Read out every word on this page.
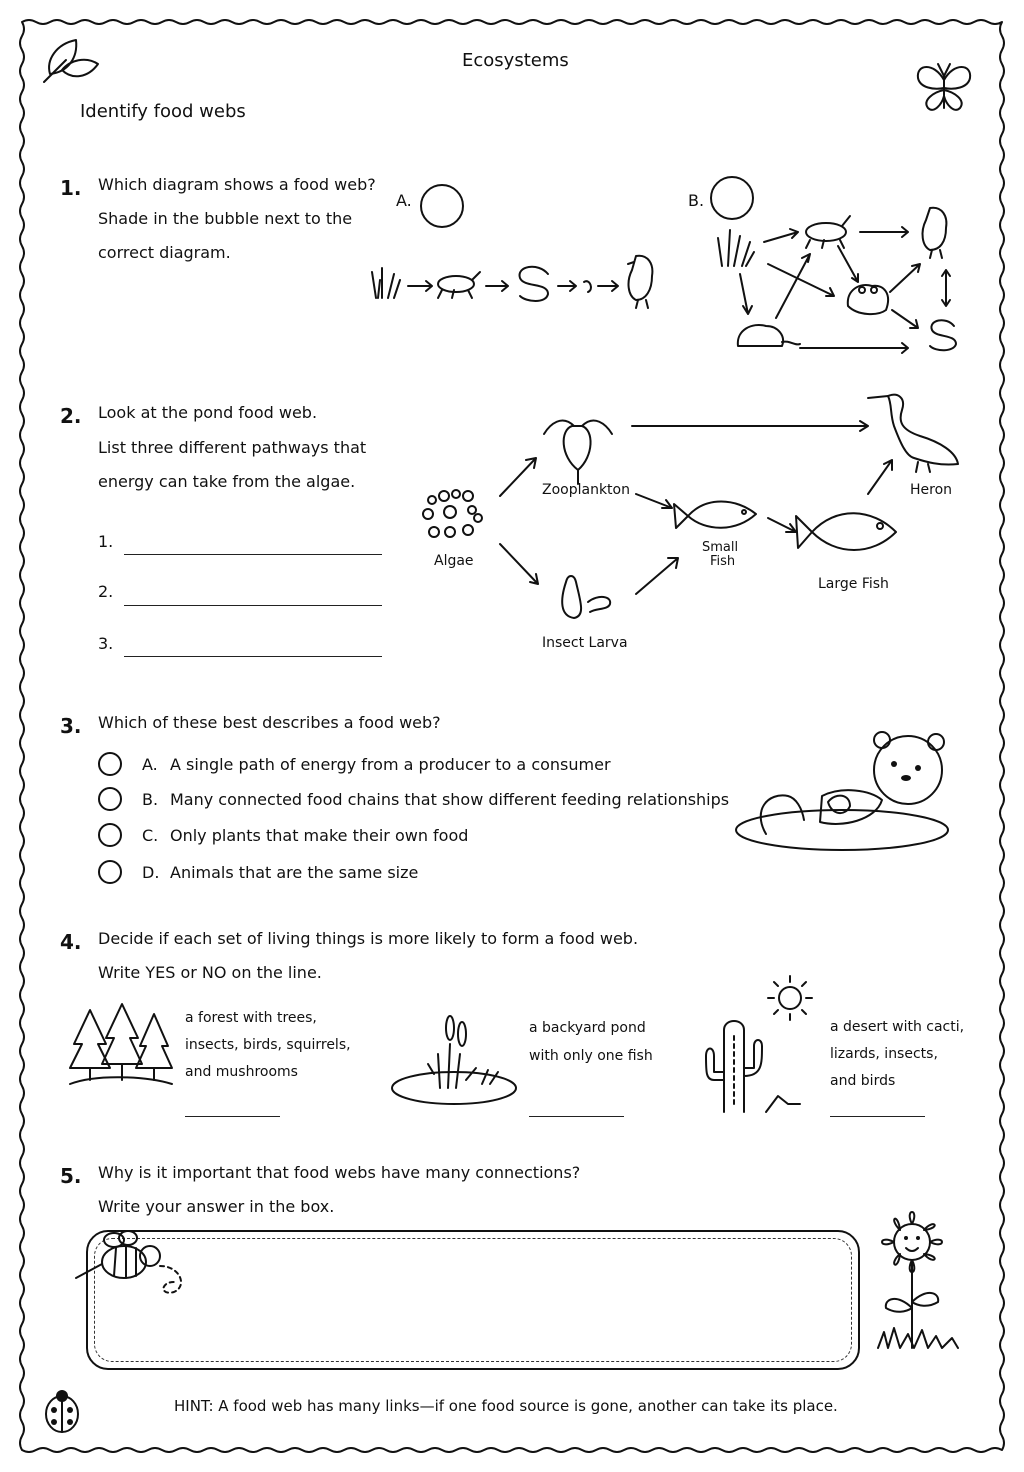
Ecosystems
Identify food webs
1. Which diagram shows a food web?
Shade in the bubble next to the
correct diagram.
A.	B.
2. Look at the pond food web.
List three different pathways that
energy can take from the algae.
1.
2.
3.
Algae
Zooplankton	Heron
Small
Fish
Large Fish
Insect Larva
3. Which of these best describes a food web?
A. A single path of energy from a producer to a consumer
B. Many connected food chains that show different feeding relationships
C. Only plants that make their own food
D. Animals that are the same size
4. Decide if each set of living things is more likely to form a food web.
Write YES or NO on the line.
a forest with trees,
insects, birds, squirrels,
and mushrooms
a backyard pond
with only one fish
a desert with cacti,
lizards, insects,
and birds
5. Why is it important that food webs have many connections?
Write your answer in the box.
HINT: A food web has many links—if one food source is gone, another can take its place.
